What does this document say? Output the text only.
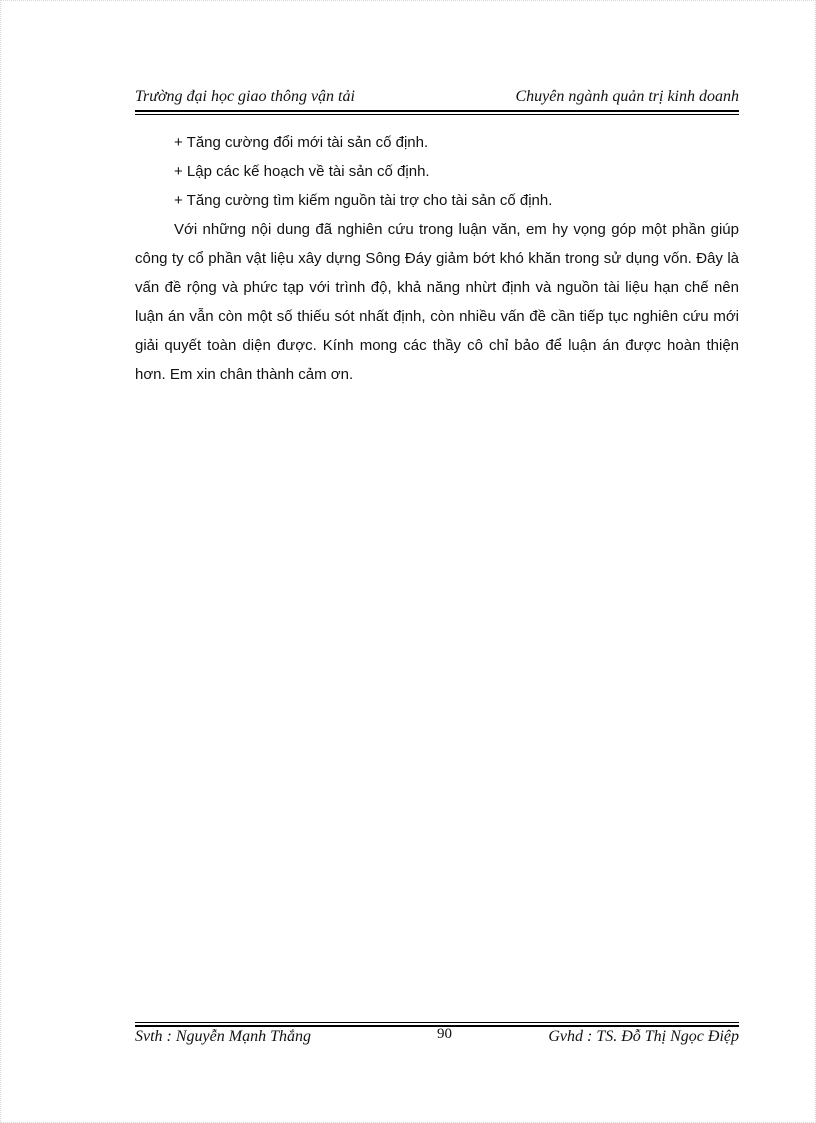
Trường đại học giao thông vận tải	Chuyên ngành quản trị kinh doanh

+ Tăng cường đổi mới tài sản cố định.

+ Lập các kế hoạch về tài sản cố định.

+ Tăng cường tìm kiếm nguồn tài trợ cho tài sản cố định.

Với những nội dung đã nghiên cứu trong luận văn, em hy vọng góp một phần giúp công ty cổ phần vật liệu xây dựng Sông Đáy giảm bớt khó khăn trong sử dụng vốn. Đây là vấn đề rộng và phức tạp với trình độ, khả năng nhừt định và nguồn tài liệu hạn chế nên luận án vẫn còn một số thiếu sót nhất định, còn nhiều vấn đề cần tiếp tục nghiên cứu mới giải quyết toàn diện được. Kính mong các thầy cô chỉ bảo để luận án được hoàn thiện hơn. Em xin chân thành cảm ơn.

Svth : Nguyễn Mạnh Thắng	90	Gvhd : TS. Đỗ Thị Ngọc Điệp
